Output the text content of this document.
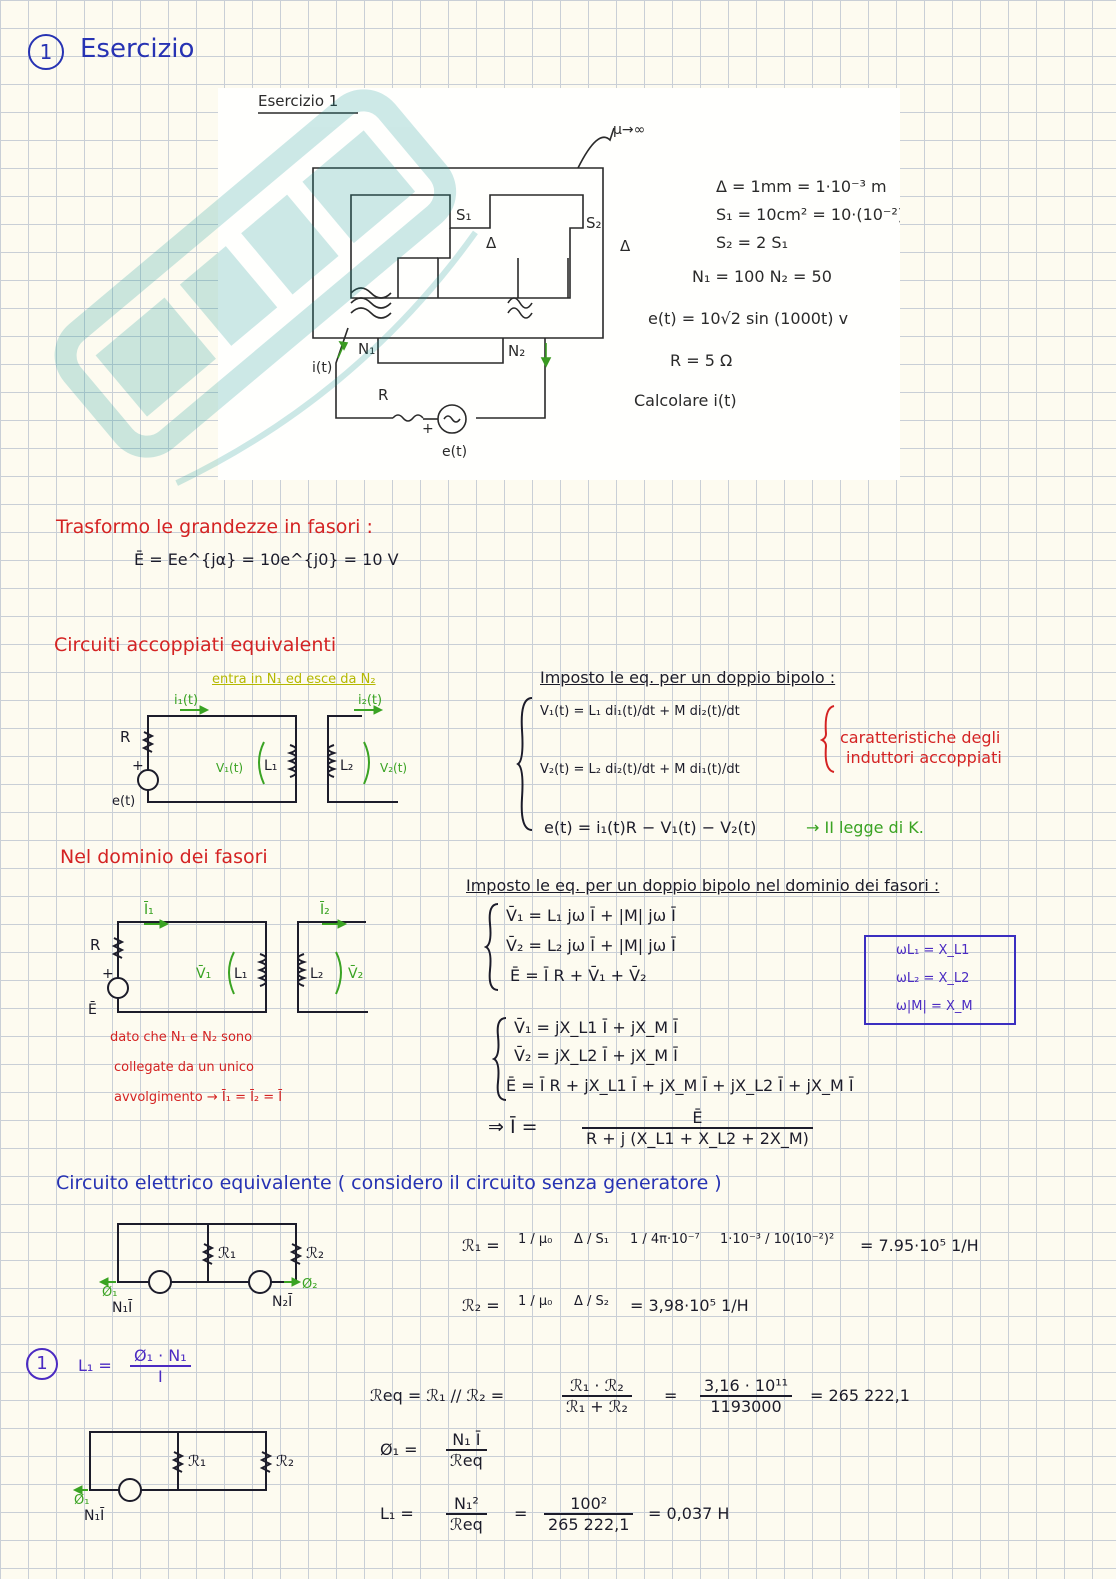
1	Esercizio
Esercizio 1
μ→∞
S₁	S₂
Δ	Δ
N₁	N₂
i(t)
R
+
e(t)
Δ = 1mm = 1·10⁻³ m
S₁ = 10cm² = 10·(10⁻²)²
S₂ = 2 S₁
N₁ = 100 N₂ = 50
e(t) = 10√2 sin (1000t) v
R = 5 Ω
Calcolare i(t)
Trasformo le grandezze in fasori :
Ē = Ee^{jα} = 10e^{j0} = 10 V
Circuiti accoppiati equivalenti
entra in N₁ ed esce da N₂
i₁(t)	i₂(t)
R
+
e(t)
V₁(t) L₁	L₂ V₂(t)
Imposto le eq. per un doppio bipolo :
V₁(t) = L₁ di₁(t)/dt + M di₂(t)/dt
V₂(t) = L₂ di₂(t)/dt + M di₁(t)/dt
e(t) = i₁(t)R − V₁(t) − V₂(t)	→ II legge di K.
caratteristiche degli
induttori accoppiati
Nel dominio dei fasori
Ī₁	Ī₂
R
+
Ē
V̄₁ L₁	L₂ V̄₂
dato che N₁ e N₂ sono
collegate da un unico
avvolgimento → Ī₁ = Ī₂ = Ī
Imposto le eq. per un doppio bipolo nel dominio dei fasori :
V̄₁ = L₁ jω Ī + |M| jω Ī
V̄₂ = L₂ jω Ī + |M| jω Ī
Ē = Ī R + V̄₁ + V̄₂
ωL₁ = X_L1
ωL₂ = X_L2
ω|M| = X_M
V̄₁ = jX_L1 Ī + jX_M Ī
V̄₂ = jX_L2 Ī + jX_M Ī
Ē = Ī R + jX_L1 Ī + jX_M Ī + jX_L2 Ī + jX_M Ī
⇒ Ī =	$\frac{Ē}{R + j (X\_L1 + X\_L2 + 2X\_M)}$
Circuito elettrico equivalente ( considero il circuito senza generatore )
ℛ₁	ℛ₂
Ø₁
Ø₂
N₁Ī	N₂Ī
ℛ₁ = 1 / μ₀ Δ / S₁ 1 / 4π·10⁻⁷ 1·10⁻³ / 10(10⁻²)² = 7.95·10⁵ 1/H
ℛ₂ = 1 / μ₀ Δ / S₂ = 3,98·10⁵ 1/H
1	$L_1 = \frac{\text{Ø₁ · N₁}}{I}$
ℛeq = ℛ₁ // ℛ₂ =	$\frac{\text{ℛ₁ · ℛ₂}}{\text{ℛ₁ + ℛ₂}} = \frac{\text{3,16 · 10¹¹}}{1193000} = 265$ 222,1
Ø₁ = $\frac{\text{N₁ Ī}}{\text{ℛeq}}$
$L_1 = \frac{\text{N₁²}}{\text{ℛeq}} = \frac{\text{100²}}{265 222,1} = 0,037$ H
ℛ₁	ℛ₂
Ø₁
N₁Ī
